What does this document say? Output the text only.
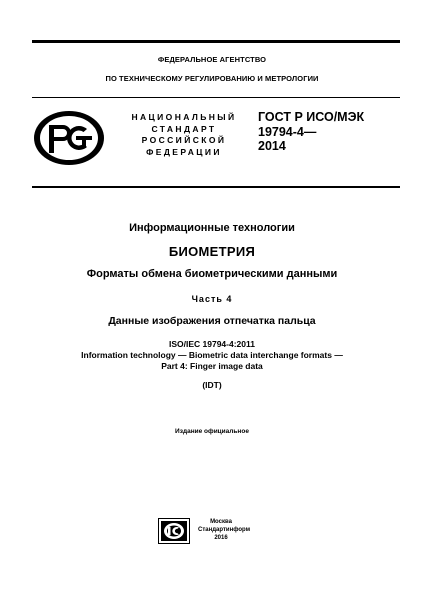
ФЕДЕРАЛЬНОЕ АГЕНТСТВО
ПО ТЕХНИЧЕСКОМУ РЕГУЛИРОВАНИЮ И МЕТРОЛОГИИ
НАЦИОНАЛЬНЫЙ
СТАНДАРТ
РОССИЙСКОЙ
ФЕДЕРАЦИИ
ГОСТ Р ИСО/МЭК
19794-4—
2014
Информационные технологии
БИОМЕТРИЯ
Форматы обмена биометрическими данными
Часть 4
Данные изображения отпечатка пальца
ISO/IEC 19794-4:2011
Information technology — Biometric data interchange formats —
Part 4: Finger image data
(IDT)
Издание официальное
Москва
Стандартинформ
2016
